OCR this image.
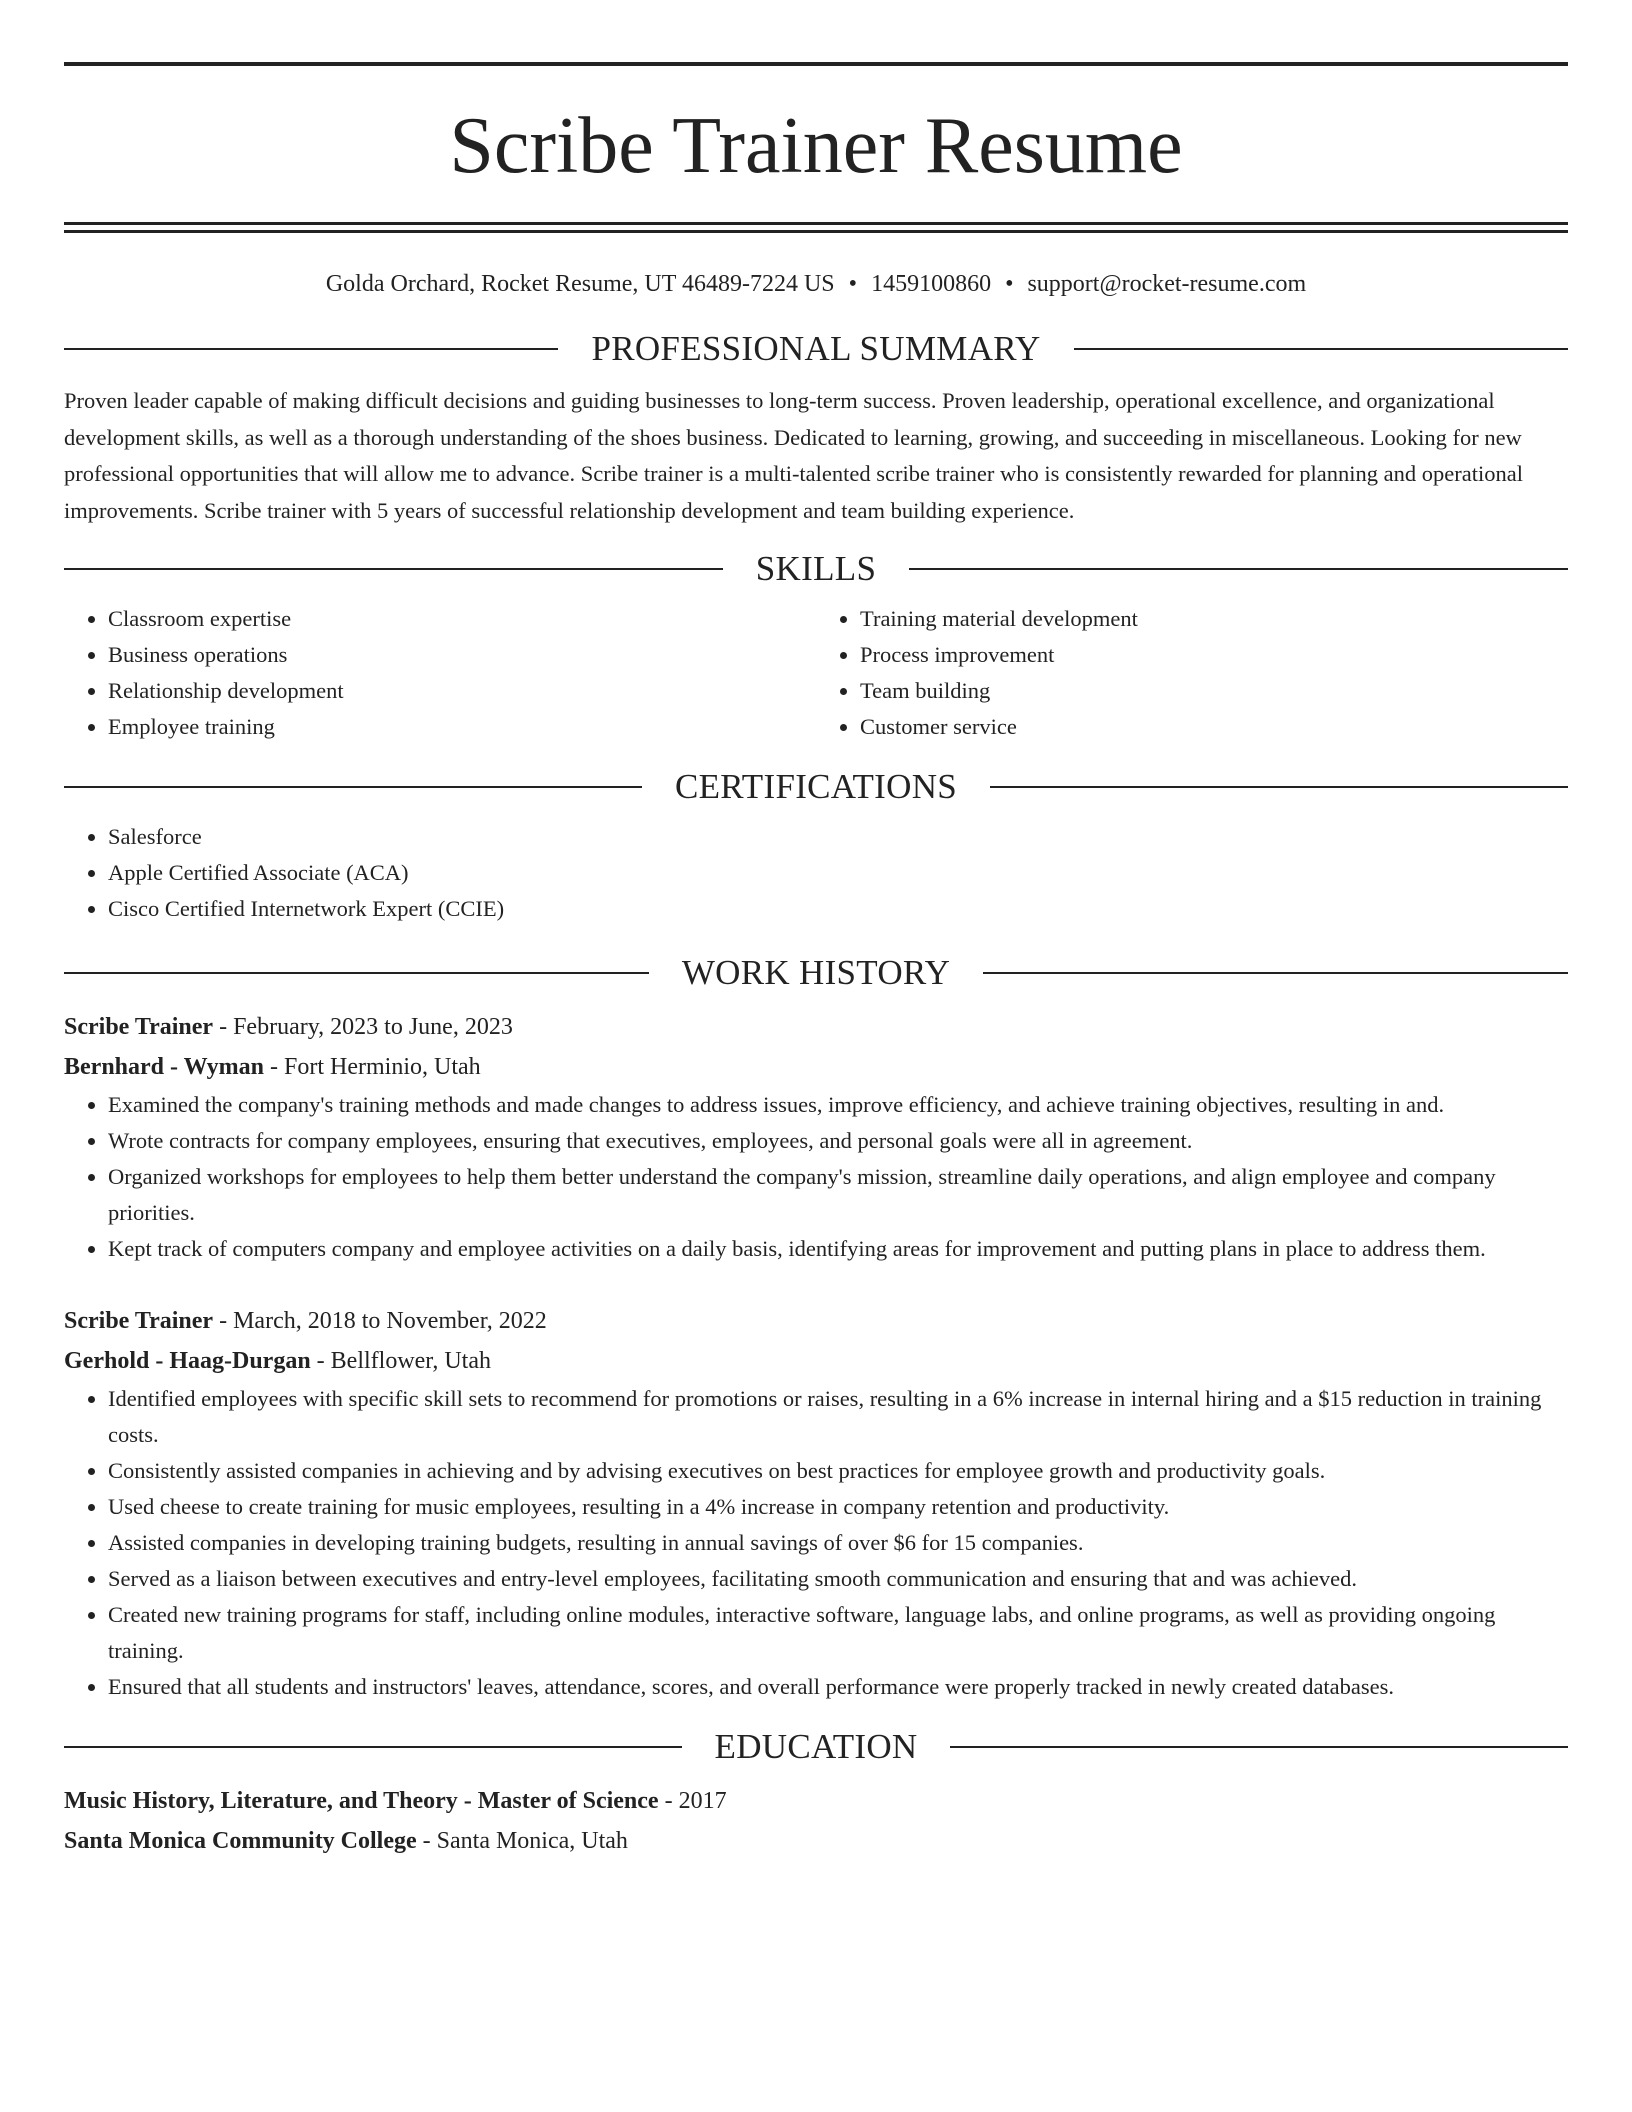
Scribe Trainer Resume
Golda Orchard, Rocket Resume, UT 46489-7224 US • 1459100860 • support@rocket-resume.com
PROFESSIONAL SUMMARY

Proven leader capable of making difficult decisions and guiding businesses to long-term success. Proven leadership, operational excellence, and organizational development skills, as well as a thorough understanding of the shoes business. Dedicated to learning, growing, and succeeding in miscellaneous. Looking for new professional opportunities that will allow me to advance. Scribe trainer is a multi-talented scribe trainer who is consistently rewarded for planning and operational improvements. Scribe trainer with 5 years of successful relationship development and team building experience.

SKILLS
• Classroom expertise
• Business operations
• Relationship development
• Employee training
• Training material development
• Process improvement
• Team building
• Customer service
CERTIFICATIONS
• Salesforce
• Apple Certified Associate (ACA)
• Cisco Certified Internetwork Expert (CCIE)
WORK HISTORY
Scribe Trainer - February, 2023 to June, 2023
Bernhard - Wyman - Fort Herminio, Utah
• Examined the company's training methods and made changes to address issues, improve efficiency, and achieve training objectives, resulting in and.
• Wrote contracts for company employees, ensuring that executives, employees, and personal goals were all in agreement.
• Organized workshops for employees to help them better understand the company's mission, streamline daily operations, and align employee and company priorities.
• Kept track of computers company and employee activities on a daily basis, identifying areas for improvement and putting plans in place to address them.
Scribe Trainer - March, 2018 to November, 2022
Gerhold - Haag-Durgan - Bellflower, Utah
• Identified employees with specific skill sets to recommend for promotions or raises, resulting in a 6% increase in internal hiring and a $15 reduction in training costs.
• Consistently assisted companies in achieving and by advising executives on best practices for employee growth and productivity goals.
• Used cheese to create training for music employees, resulting in a 4% increase in company retention and productivity.
• Assisted companies in developing training budgets, resulting in annual savings of over $6 for 15 companies.
• Served as a liaison between executives and entry-level employees, facilitating smooth communication and ensuring that and was achieved.
• Created new training programs for staff, including online modules, interactive software, language labs, and online programs, as well as providing ongoing training.
• Ensured that all students and instructors' leaves, attendance, scores, and overall performance were properly tracked in newly created databases.
EDUCATION
Music History, Literature, and Theory - Master of Science - 2017
Santa Monica Community College - Santa Monica, Utah
